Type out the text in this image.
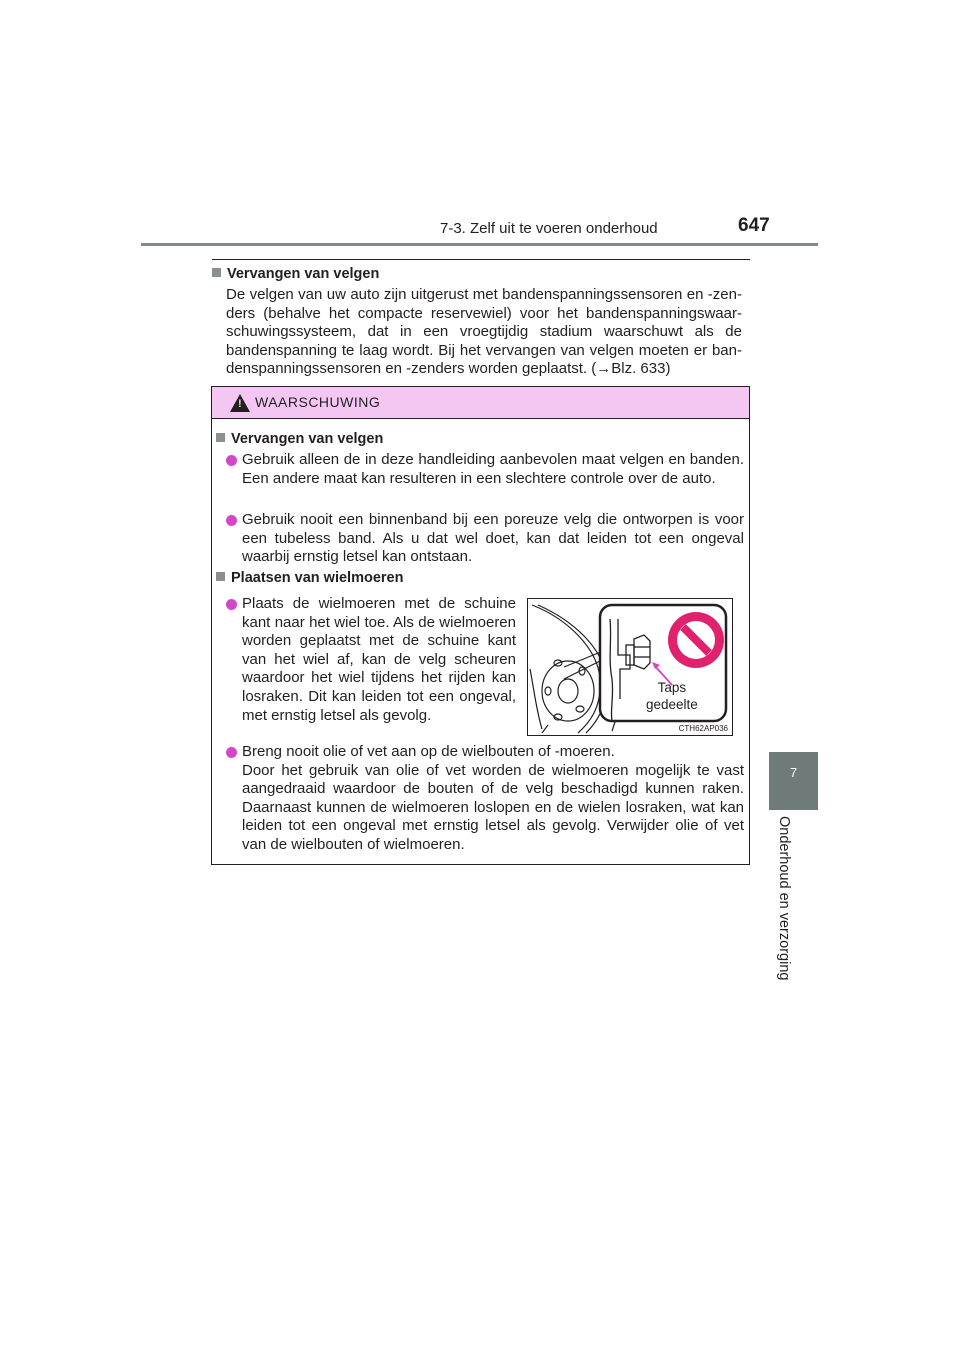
7-3. Zelf uit te voeren onderhoud	647
7
Onderhoud en verzorging
Vervangen van velgen
De velgen van uw auto zijn uitgerust met bandenspanningssensoren en -zenders (behalve het compacte reservewiel) voor het bandenspanningswaarschuwingssysteem, dat in een vroegtijdig stadium waarschuwt als de bandenspanning te laag wordt. Bij het vervangen van velgen moeten er bandenspanningssensoren en -zenders worden geplaatst. (→Blz. 633)
! WAARSCHUWING
Vervangen van velgen
Gebruik alleen de in deze handleiding aanbevolen maat velgen en banden. Een andere maat kan resulteren in een slechtere controle over de auto.
Gebruik nooit een binnenband bij een poreuze velg die ontworpen is voor een tubeless band. Als u dat wel doet, kan dat leiden tot een ongeval waarbij ernstig letsel kan ontstaan.
Plaatsen van wielmoeren
Plaats de wielmoeren met de schuine kant naar het wiel toe. Als de wielmoeren worden geplaatst met de schuine kant van het wiel af, kan de velg scheuren waardoor het wiel tijdens het rijden kan losraken. Dit kan leiden tot een ongeval, met ernstig letsel als gevolg.
Taps
gedeelte
CTH62AP036
Breng nooit olie of vet aan op de wielbouten of -moeren.
Door het gebruik van olie of vet worden de wielmoeren mogelijk te vast aangedraaid waardoor de bouten of de velg beschadigd kunnen raken. Daarnaast kunnen de wielmoeren loslopen en de wielen losraken, wat kan leiden tot een ongeval met ernstig letsel als gevolg. Verwijder olie of vet van de wielbouten of wielmoeren.
